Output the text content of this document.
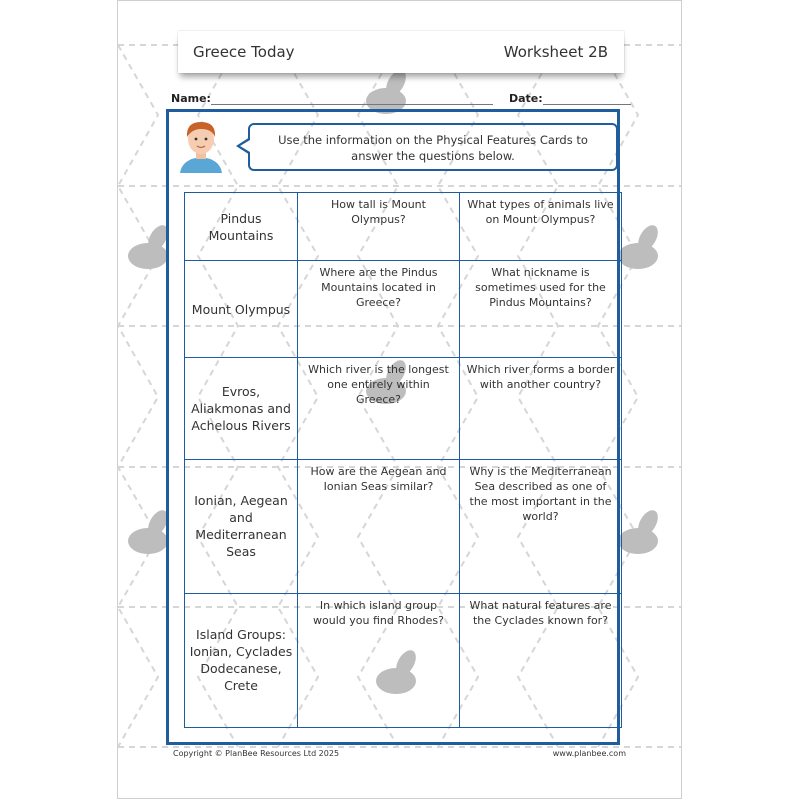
Greece Today	Worksheet 2B
Name:	Date:
Use the information on the Physical Features Cards to answer the questions below.
Pindus Mountains	How tall is Mount Olympus?	What types of animals live on Mount Olympus?
Mount Olympus	Where are the Pindus Mountains located in Greece?	What nickname is sometimes used for the Pindus Mountains?
Evros, Aliakmonas and Achelous Rivers	Which river is the longest one entirely within Greece?	Which river forms a border with another country?
Ionian, Aegean and Mediterranean Seas	How are the Aegean and Ionian Seas similar?	Why is the Mediterranean Sea described as one of the most important in the world?
Island Groups: Ionian, Cyclades Dodecanese, Crete	In which island group would you find Rhodes?	What natural features are the Cyclades known for?
Copyright © PlanBee Resources Ltd 2025	www.planbee.com
